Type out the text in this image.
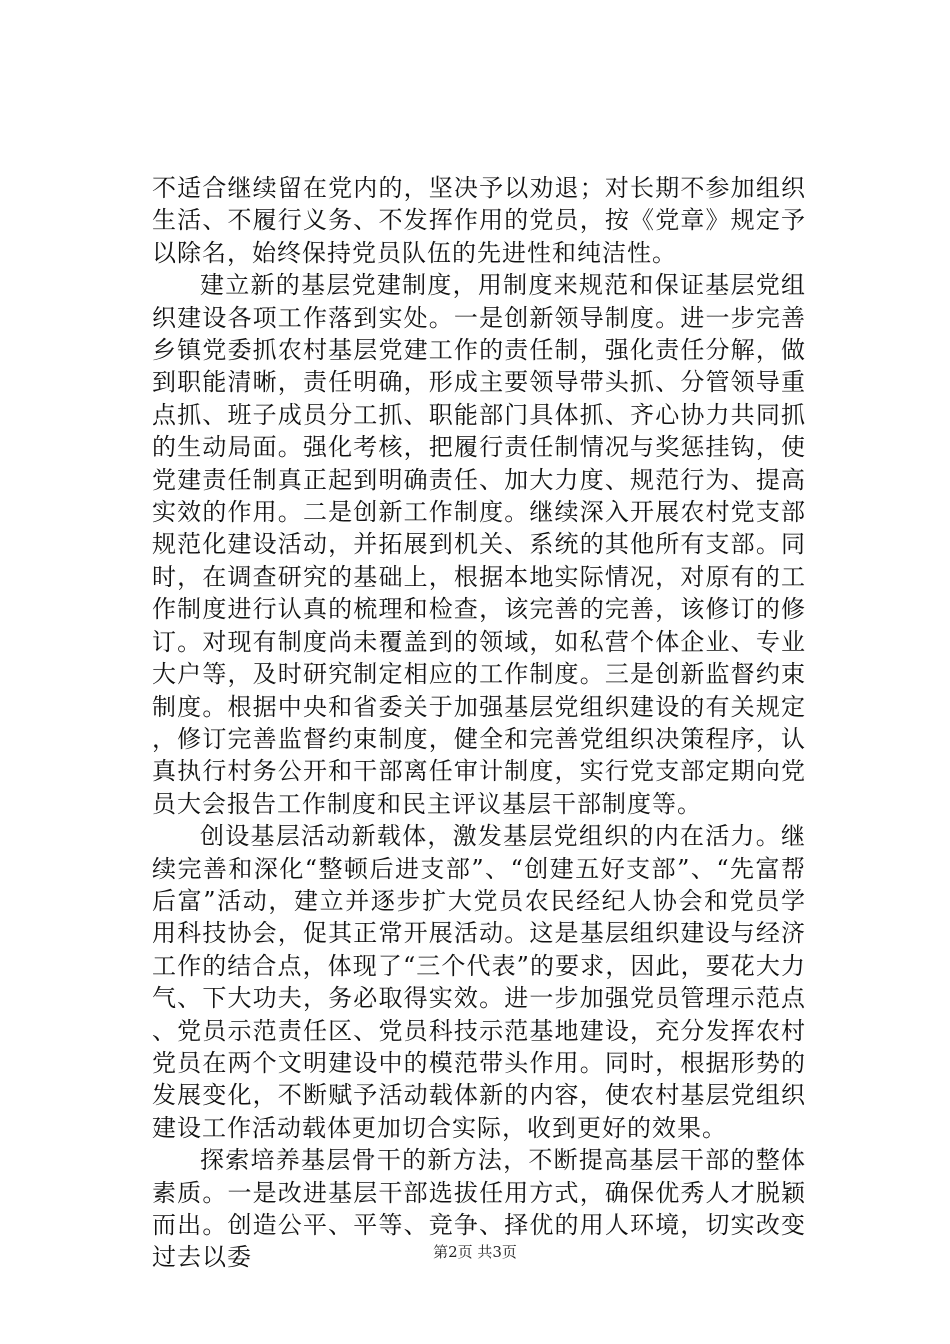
不适合继续留在党内的，坚决予以劝退；对长期不参加组织生活、不履行义务、不发挥作用的党员，按《党章》规定予以除名，始终保持党员队伍的先进性和纯洁性。

建立新的基层党建制度，用制度来规范和保证基层党组织建设各项工作落到实处。一是创新领导制度。进一步完善乡镇党委抓农村基层党建工作的责任制，强化责任分解，做到职能清晰，责任明确，形成主要领导带头抓、分管领导重点抓、班子成员分工抓、职能部门具体抓、齐心协力共同抓的生动局面。强化考核，把履行责任制情况与奖惩挂钩，使党建责任制真正起到明确责任、加大力度、规范行为、提高实效的作用。二是创新工作制度。继续深入开展农村党支部规范化建设活动，并拓展到机关、系统的其他所有支部。同时，在调查研究的基础上，根据本地实际情况，对原有的工作制度进行认真的梳理和检查，该完善的完善，该修订的修订。对现有制度尚未覆盖到的领域，如私营个体企业、专业大户等，及时研究制定相应的工作制度。三是创新监督约束制度。根据中央和省委关于加强基层党组织建设的有关规定，修订完善监督约束制度，健全和完善党组织决策程序，认真执行村务公开和干部离任审计制度，实行党支部定期向党员大会报告工作制度和民主评议基层干部制度等。

创设基层活动新载体，激发基层党组织的内在活力。继续完善和深化“整顿后进支部”、“创建五好支部”、“先富帮后富”活动，建立并逐步扩大党员农民经纪人协会和党员学用科技协会，促其正常开展活动。这是基层组织建设与经济工作的结合点，体现了“三个代表”的要求，因此，要花大力气、下大功夫，务必取得实效。进一步加强党员管理示范点、党员示范责任区、党员科技示范基地建设，充分发挥农村党员在两个文明建设中的模范带头作用。同时，根据形势的发展变化，不断赋予活动载体新的内容，使农村基层党组织建设工作活动载体更加切合实际，收到更好的效果。

探索培养基层骨干的新方法，不断提高基层干部的整体素质。一是改进基层干部选拔任用方式，确保优秀人才脱颖而出。创造公平、平等、竞争、择优的用人环境，切实改变过去以委	第2页 共3页
